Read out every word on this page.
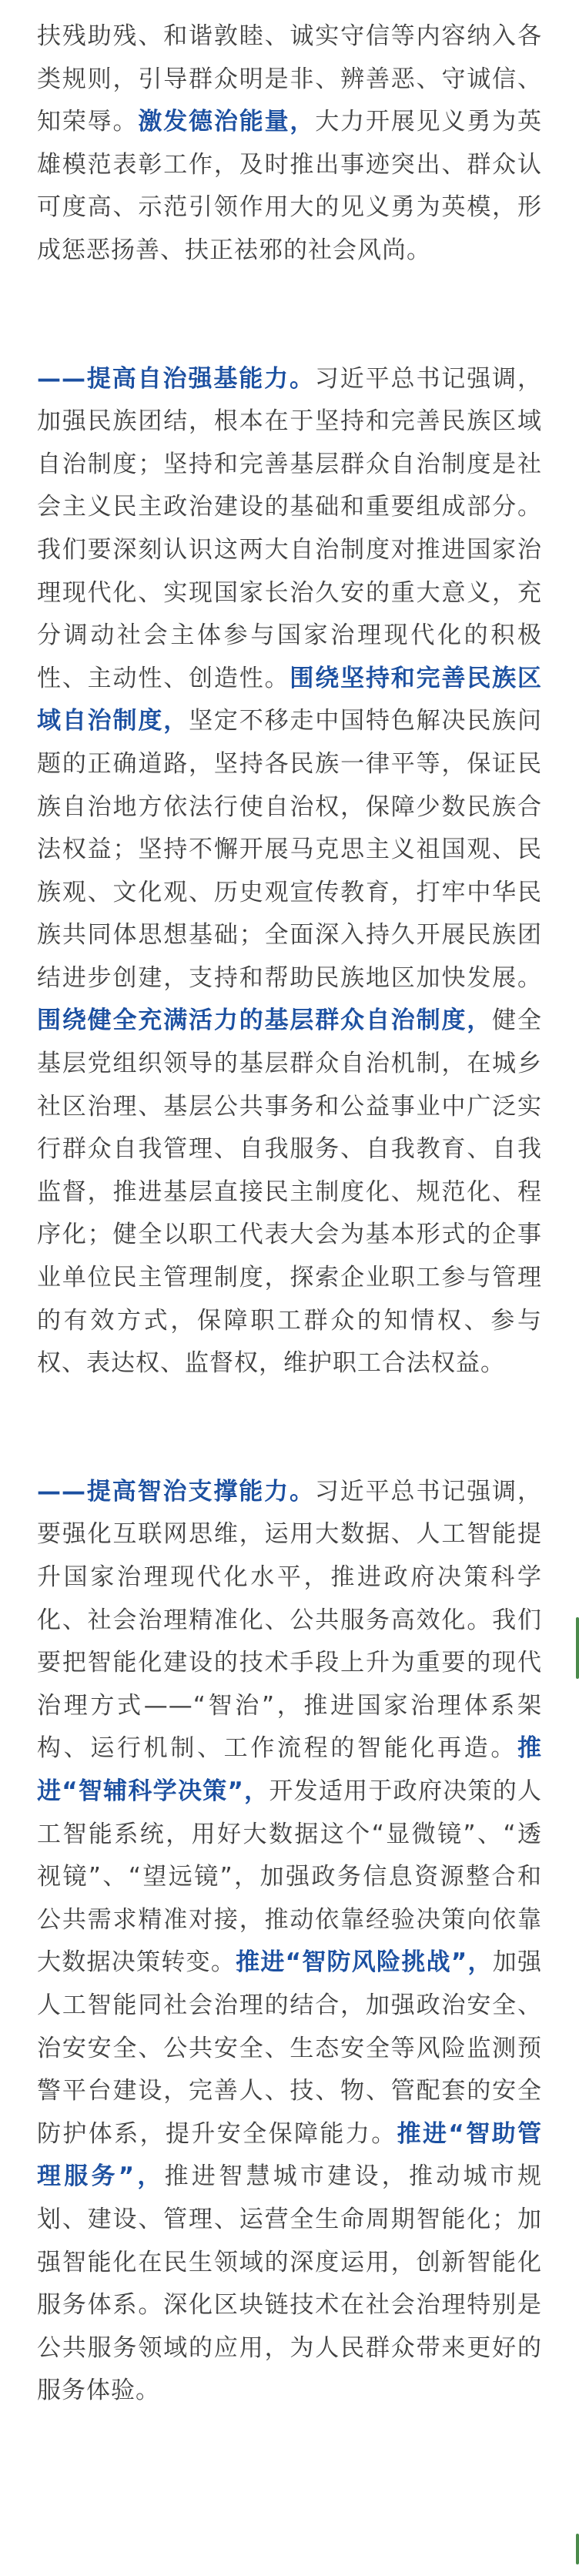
扶残助残、和谐敦睦、诚实守信等内容纳入各类规则，引导群众明是非、辨善恶、守诚信、知荣辱。激发德治能量，大力开展见义勇为英雄模范表彰工作，及时推出事迹突出、群众认可度高、示范引领作用大的见义勇为英模，形成惩恶扬善、扶正祛邪的社会风尚。

——提高自治强基能力。习近平总书记强调，加强民族团结，根本在于坚持和完善民族区域自治制度；坚持和完善基层群众自治制度是社会主义民主政治建设的基础和重要组成部分。我们要深刻认识这两大自治制度对推进国家治理现代化、实现国家长治久安的重大意义，充分调动社会主体参与国家治理现代化的积极性、主动性、创造性。围绕坚持和完善民族区域自治制度，坚定不移走中国特色解决民族问题的正确道路，坚持各民族一律平等，保证民族自治地方依法行使自治权，保障少数民族合法权益；坚持不懈开展马克思主义祖国观、民族观、文化观、历史观宣传教育，打牢中华民族共同体思想基础；全面深入持久开展民族团结进步创建，支持和帮助民族地区加快发展。围绕健全充满活力的基层群众自治制度，健全基层党组织领导的基层群众自治机制，在城乡社区治理、基层公共事务和公益事业中广泛实行群众自我管理、自我服务、自我教育、自我监督，推进基层直接民主制度化、规范化、程序化；健全以职工代表大会为基本形式的企事业单位民主管理制度，探索企业职工参与管理的有效方式，保障职工群众的知情权、参与权、表达权、监督权，维护职工合法权益。

——提高智治支撑能力。习近平总书记强调，要强化互联网思维，运用大数据、人工智能提升国家治理现代化水平，推进政府决策科学化、社会治理精准化、公共服务高效化。我们要把智能化建设的技术手段上升为重要的现代治理方式——“智治”，推进国家治理体系架构、运行机制、工作流程的智能化再造。推进“智辅科学决策”，开发适用于政府决策的人工智能系统，用好大数据这个“显微镜”、“透视镜”、“望远镜”，加强政务信息资源整合和公共需求精准对接，推动依靠经验决策向依靠大数据决策转变。推进“智防风险挑战”，加强人工智能同社会治理的结合，加强政治安全、治安安全、公共安全、生态安全等风险监测预警平台建设，完善人、技、物、管配套的安全防护体系，提升安全保障能力。推进“智助管理服务”，推进智慧城市建设，推动城市规划、建设、管理、运营全生命周期智能化；加强智能化在民生领域的深度运用，创新智能化服务体系。深化区块链技术在社会治理特别是公共服务领域的应用，为人民群众带来更好的服务体验。
